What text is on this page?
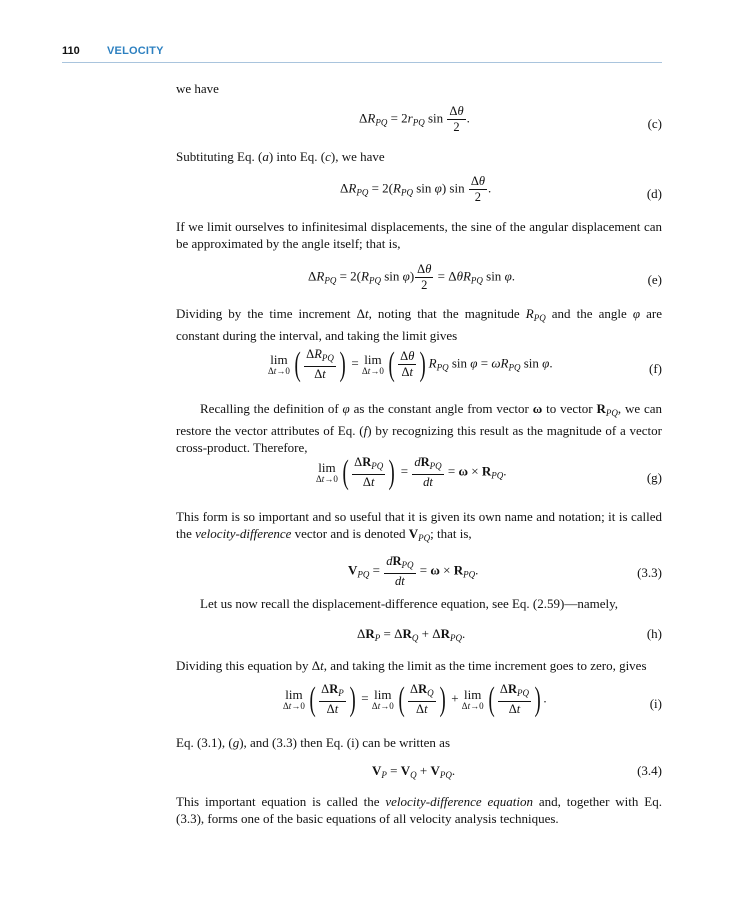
110 VELOCITY
we have
$\Delta R_{PQ} = 2r_{PQ}$ $\sin \frac{\Delta\theta}{2}$ .	(c)
Subtituting Eq. (a) into Eq. (c), we have
$\Delta R_{PQ} = 2(R_{PQ}$ sin φ) $\sin \frac{\Delta\theta}{2}$ .	(d)
If we limit ourselves to infinitesimal displacements, the sine of the angular displacement can be approximated by the angle itself; that is,
$\Delta R_{PQ} = 2(R_{PQ}$ $\sin \varphi) \frac{\Delta\theta}{2} = \Delta\theta R_{PQ}$ sin φ.	(e)
Dividing by the time increment Δt, noting that the magnitude $R_{PQ}$ and the angle φ are constant during the interval, and taking the limit gives
lim
Δt→0 ( $\frac{\Delta R_{PQ}}{\Delta t}$ ) = lim
Δt→0 ( $\frac{\Delta\theta}{\Delta t}$ ) $R_{PQ}$ $\sin \varphi = \omega R_{PQ}$ sin φ.	(f)
Recalling the definition of φ as the constant angle from vector ω to vector $R_{PQ}$, we can restore the vector attributes of Eq. (f) by recognizing this result as the magnitude of a vector cross-product. Therefore,
lim
Δt→0 ( $\frac{\Delta R_{PQ}}{\Delta t}$ ) = $\frac{dR_{PQ}}{dt} = \omega \times R_{PQ}$.	(g)
This form is so important and so useful that it is given its own name and notation; it is called the velocity-difference vector and is denoted $V_{PQ}$; that is,
$V_{PQ} = \frac{dR_{PQ}}{dt} = \omega \times R_{PQ}$.	(3.3)
Let us now recall the displacement-difference equation, see Eq. (2.59)—namely,
$\Delta R_P = \Delta R_Q + \Delta R_{PQ}$.	(h)
Dividing this equation by Δt, and taking the limit as the time increment goes to zero, gives
lim
Δt→0 ( $\frac{\Delta R_P}{\Delta t}$ ) = lim
Δt→0 ( $\frac{\Delta R_Q}{\Delta t}$ ) + lim
Δt→0 ( $\frac{\Delta R_{PQ}}{\Delta t}$ ) .	(i)
Eq. (3.1), (g), and (3.3) then Eq. (i) can be written as
$V_P = V_Q + V_{PQ}$.	(3.4)
This important equation is called the velocity-difference equation and, together with Eq. (3.3), forms one of the basic equations of all velocity analysis techniques.
